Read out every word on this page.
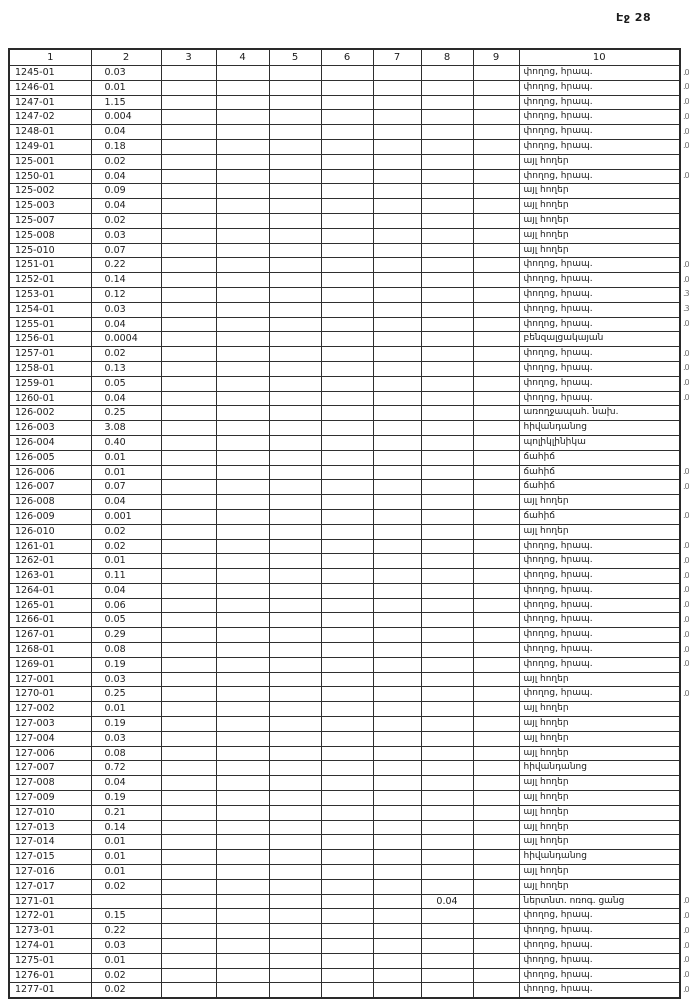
Էջ 28
1	2	3	4	5	6	7	8	9	10
1245-01	0.03								փողոց, հրապ.
1246-01	0.01								փողոց, հրապ.
1247-01	1.15								փողոց, հրապ.
1247-02	0.004								փողոց, հրապ.
1248-01	0.04								փողոց, հրապ.
1249-01	0.18								փողոց, հրապ.
125-001	0.02								այլ հողեր
1250-01	0.04								փողոց, հրապ.
125-002	0.09								այլ հողեր
125-003	0.04								այլ հողեր
125-007	0.02								այլ հողեր
125-008	0.03								այլ հողեր
125-010	0.07								այլ հողեր
1251-01	0.22								փողոց, հրապ.
1252-01	0.14								փողոց, հրապ.
1253-01	0.12								փողոց, հրապ.
1254-01	0.03								փողոց, հրապ.
1255-01	0.04								փողոց, հրապ.
1256-01	0.0004								բենզալցակայան
1257-01	0.02								փողոց, հրապ.
1258-01	0.13								փողոց, հրապ.
1259-01	0.05								փողոց, հրապ.
1260-01	0.04								փողոց, հրապ.
126-002	0.25								առողջապահ. նախ.
126-003	3.08								հիվանդանոց
126-004	0.40								պոլիկլինիկա
126-005	0.01								ճահիճ
126-006	0.01								ճահիճ
126-007	0.07								ճահիճ
126-008	0.04								այլ հողեր
126-009	0.001								ճահիճ
126-010	0.02								այլ հողեր
1261-01	0.02								փողոց, հրապ.
1262-01	0.01								փողոց, հրապ.
1263-01	0.11								փողոց, հրապ.
1264-01	0.04								փողոց, հրապ.
1265-01	0.06								փողոց, հրապ.
1266-01	0.05								փողոց, հրապ.
1267-01	0.29								փողոց, հրապ.
1268-01	0.08								փողոց, հրապ.
1269-01	0.19								փողոց, հրապ.
127-001	0.03								այլ հողեր
1270-01	0.25								փողոց, հրապ.
127-002	0.01								այլ հողեր
127-003	0.19								այլ հողեր
127-004	0.03								այլ հողեր
127-006	0.08								այլ հողեր
127-007	0.72								հիվանդանոց
127-008	0.04								այլ հողեր
127-009	0.19								այլ հողեր
127-010	0.21								այլ հողեր
127-013	0.14								այլ հողեր
127-014	0.01								այլ հողեր
127-015	0.01								հիվանդանոց
127-016	0.01								այլ հողեր
127-017	0.02								այլ հողեր
1271-01							0.04		ներտնտ. ոռոգ. ցանց
1272-01	0.15								փողոց, հրապ.
1273-01	0.22								փողոց, հրապ.
1274-01	0.03								փողոց, հրապ.
1275-01	0.01								փողոց, հրապ.
1276-01	0.02								փողոց, հրապ.
1277-01	0.02								փողոց, հրապ.
.0
.0
.0
.0
.0
.0
.0
.0
.0
.3
.3
.0
.0
.0
.0
.0
.0
.0
.0
.0
.0
.0
.0
.0
.0
.0
.0
.0
.0
.0
.0
.0
.0
.0
.0
.0
